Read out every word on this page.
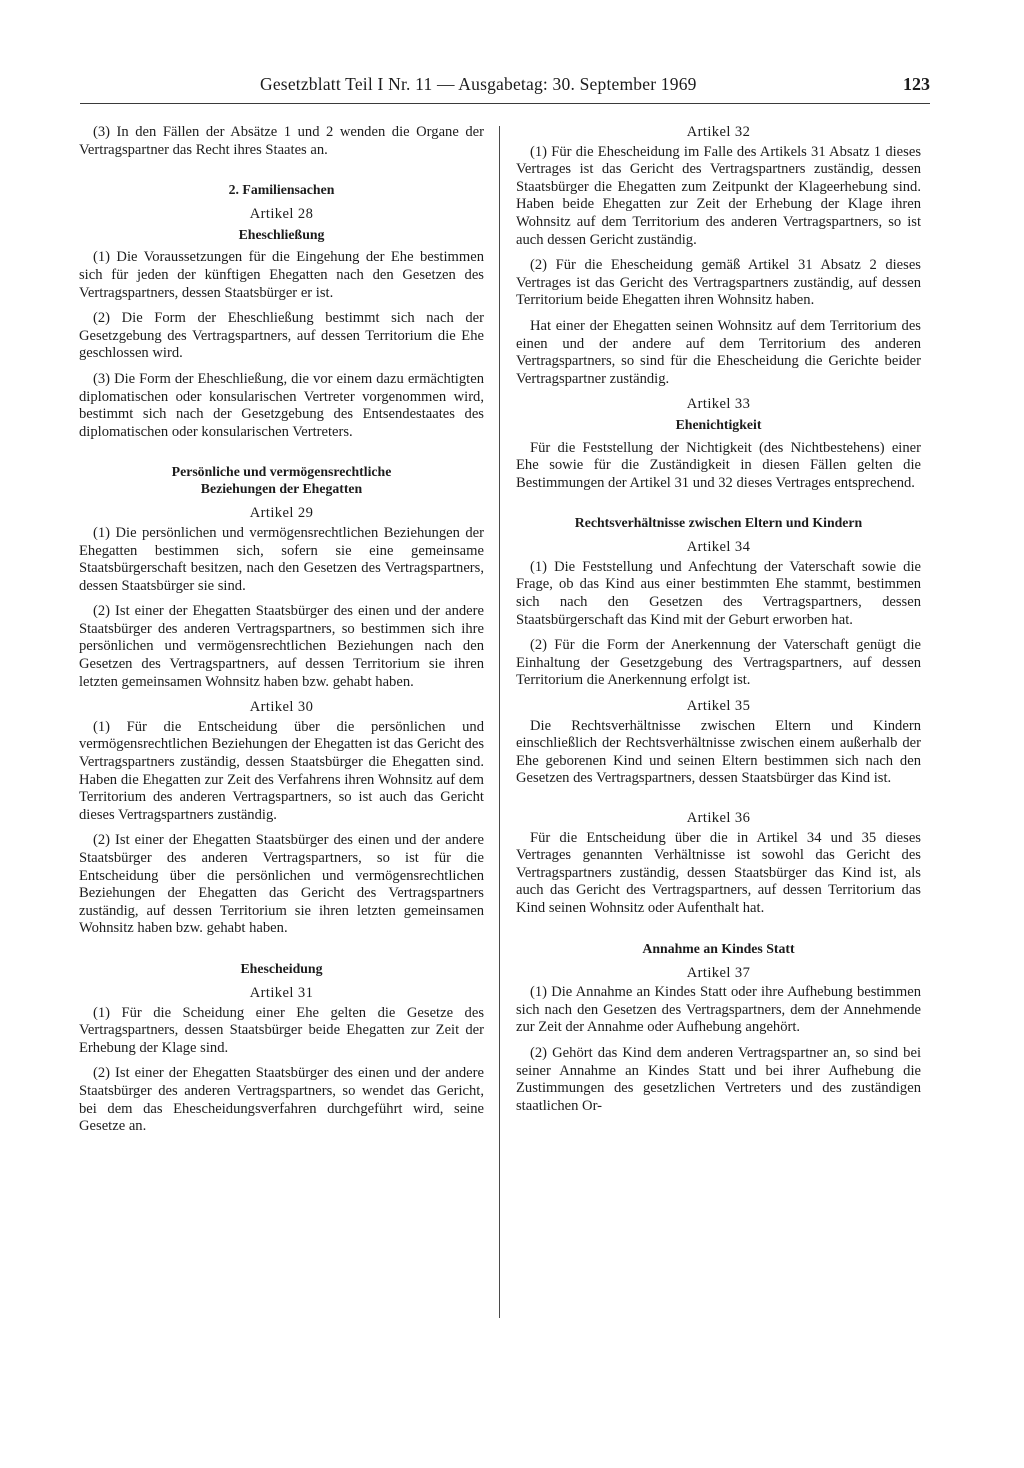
Gesetzblatt Teil I Nr. 11 — Ausgabetag: 30. September 1969	123

(3) In den Fällen der Absätze 1 und 2 wenden die Organe der Vertragspartner das Recht ihres Staates an.

2. Familiensachen
Artikel 28
Eheschließung

(1) Die Voraussetzungen für die Eingehung der Ehe bestimmen sich für jeden der künftigen Ehegatten nach den Gesetzen des Vertragspartners, dessen Staatsbürger er ist.

(2) Die Form der Eheschließung bestimmt sich nach der Gesetzgebung des Vertragspartners, auf dessen Territorium die Ehe geschlossen wird.

(3) Die Form der Eheschließung, die vor einem dazu ermächtigten diplomatischen oder konsularischen Vertreter vorgenommen wird, bestimmt sich nach der Gesetzgebung des Entsendestaates des diplomatischen oder konsularischen Vertreters.

Persönliche und vermögensrechtliche
Beziehungen der Ehegatten
Artikel 29

(1) Die persönlichen und vermögensrechtlichen Beziehungen der Ehegatten bestimmen sich, sofern sie eine gemeinsame Staatsbürgerschaft besitzen, nach den Gesetzen des Vertragspartners, dessen Staatsbürger sie sind.

(2) Ist einer der Ehegatten Staatsbürger des einen und der andere Staatsbürger des anderen Vertragspartners, so bestimmen sich ihre persönlichen und vermögensrechtlichen Beziehungen nach den Gesetzen des Vertragspartners, auf dessen Territorium sie ihren letzten gemeinsamen Wohnsitz haben bzw. gehabt haben.

Artikel 30

(1) Für die Entscheidung über die persönlichen und vermögensrechtlichen Beziehungen der Ehegatten ist das Gericht des Vertragspartners zuständig, dessen Staatsbürger die Ehegatten sind. Haben die Ehegatten zur Zeit des Verfahrens ihren Wohnsitz auf dem Territorium des anderen Vertragspartners, so ist auch das Gericht dieses Vertragspartners zuständig.

(2) Ist einer der Ehegatten Staatsbürger des einen und der andere Staatsbürger des anderen Vertragspartners, so ist für die Entscheidung über die persönlichen und vermögensrechtlichen Beziehungen der Ehegatten das Gericht des Vertragspartners zuständig, auf dessen Territorium sie ihren letzten gemeinsamen Wohnsitz haben bzw. gehabt haben.

Ehescheidung
Artikel 31

(1) Für die Scheidung einer Ehe gelten die Gesetze des Vertragspartners, dessen Staatsbürger beide Ehegatten zur Zeit der Erhebung der Klage sind.

(2) Ist einer der Ehegatten Staatsbürger des einen und der andere Staatsbürger des anderen Vertragspartners, so wendet das Gericht, bei dem das Ehescheidungsverfahren durchgeführt wird, seine Gesetze an.

Artikel 32

(1) Für die Ehescheidung im Falle des Artikels 31 Absatz 1 dieses Vertrages ist das Gericht des Vertragspartners zuständig, dessen Staatsbürger die Ehegatten zum Zeitpunkt der Klageerhebung sind. Haben beide Ehegatten zur Zeit der Erhebung der Klage ihren Wohnsitz auf dem Territorium des anderen Vertragspartners, so ist auch dessen Gericht zuständig.

(2) Für die Ehescheidung gemäß Artikel 31 Absatz 2 dieses Vertrages ist das Gericht des Vertragspartners zuständig, auf dessen Territorium beide Ehegatten ihren Wohnsitz haben.

Hat einer der Ehegatten seinen Wohnsitz auf dem Territorium des einen und der andere auf dem Territorium des anderen Vertragspartners, so sind für die Ehescheidung die Gerichte beider Vertragspartner zuständig.

Artikel 33
Ehenichtigkeit

Für die Feststellung der Nichtigkeit (des Nichtbestehens) einer Ehe sowie für die Zuständigkeit in diesen Fällen gelten die Bestimmungen der Artikel 31 und 32 dieses Vertrages entsprechend.

Rechtsverhältnisse zwischen Eltern und Kindern
Artikel 34

(1) Die Feststellung und Anfechtung der Vaterschaft sowie die Frage, ob das Kind aus einer bestimmten Ehe stammt, bestimmen sich nach den Gesetzen des Vertragspartners, dessen Staatsbürgerschaft das Kind mit der Geburt erworben hat.

(2) Für die Form der Anerkennung der Vaterschaft genügt die Einhaltung der Gesetzgebung des Vertragspartners, auf dessen Territorium die Anerkennung erfolgt ist.

Artikel 35

Die Rechtsverhältnisse zwischen Eltern und Kindern einschließlich der Rechtsverhältnisse zwischen einem außerhalb der Ehe geborenen Kind und seinen Eltern bestimmen sich nach den Gesetzen des Vertragspartners, dessen Staatsbürger das Kind ist.

Artikel 36

Für die Entscheidung über die in Artikel 34 und 35 dieses Vertrages genannten Verhältnisse ist sowohl das Gericht des Vertragspartners zuständig, dessen Staatsbürger das Kind ist, als auch das Gericht des Vertragspartners, auf dessen Territorium das Kind seinen Wohnsitz oder Aufenthalt hat.

Annahme an Kindes Statt
Artikel 37

(1) Die Annahme an Kindes Statt oder ihre Aufhebung bestimmen sich nach den Gesetzen des Vertragspartners, dem der Annehmende zur Zeit der Annahme oder Aufhebung angehört.

(2) Gehört das Kind dem anderen Vertragspartner an, so sind bei seiner Annahme an Kindes Statt und bei ihrer Aufhebung die Zustimmungen des gesetzlichen Vertreters und des zuständigen staatlichen Or-
